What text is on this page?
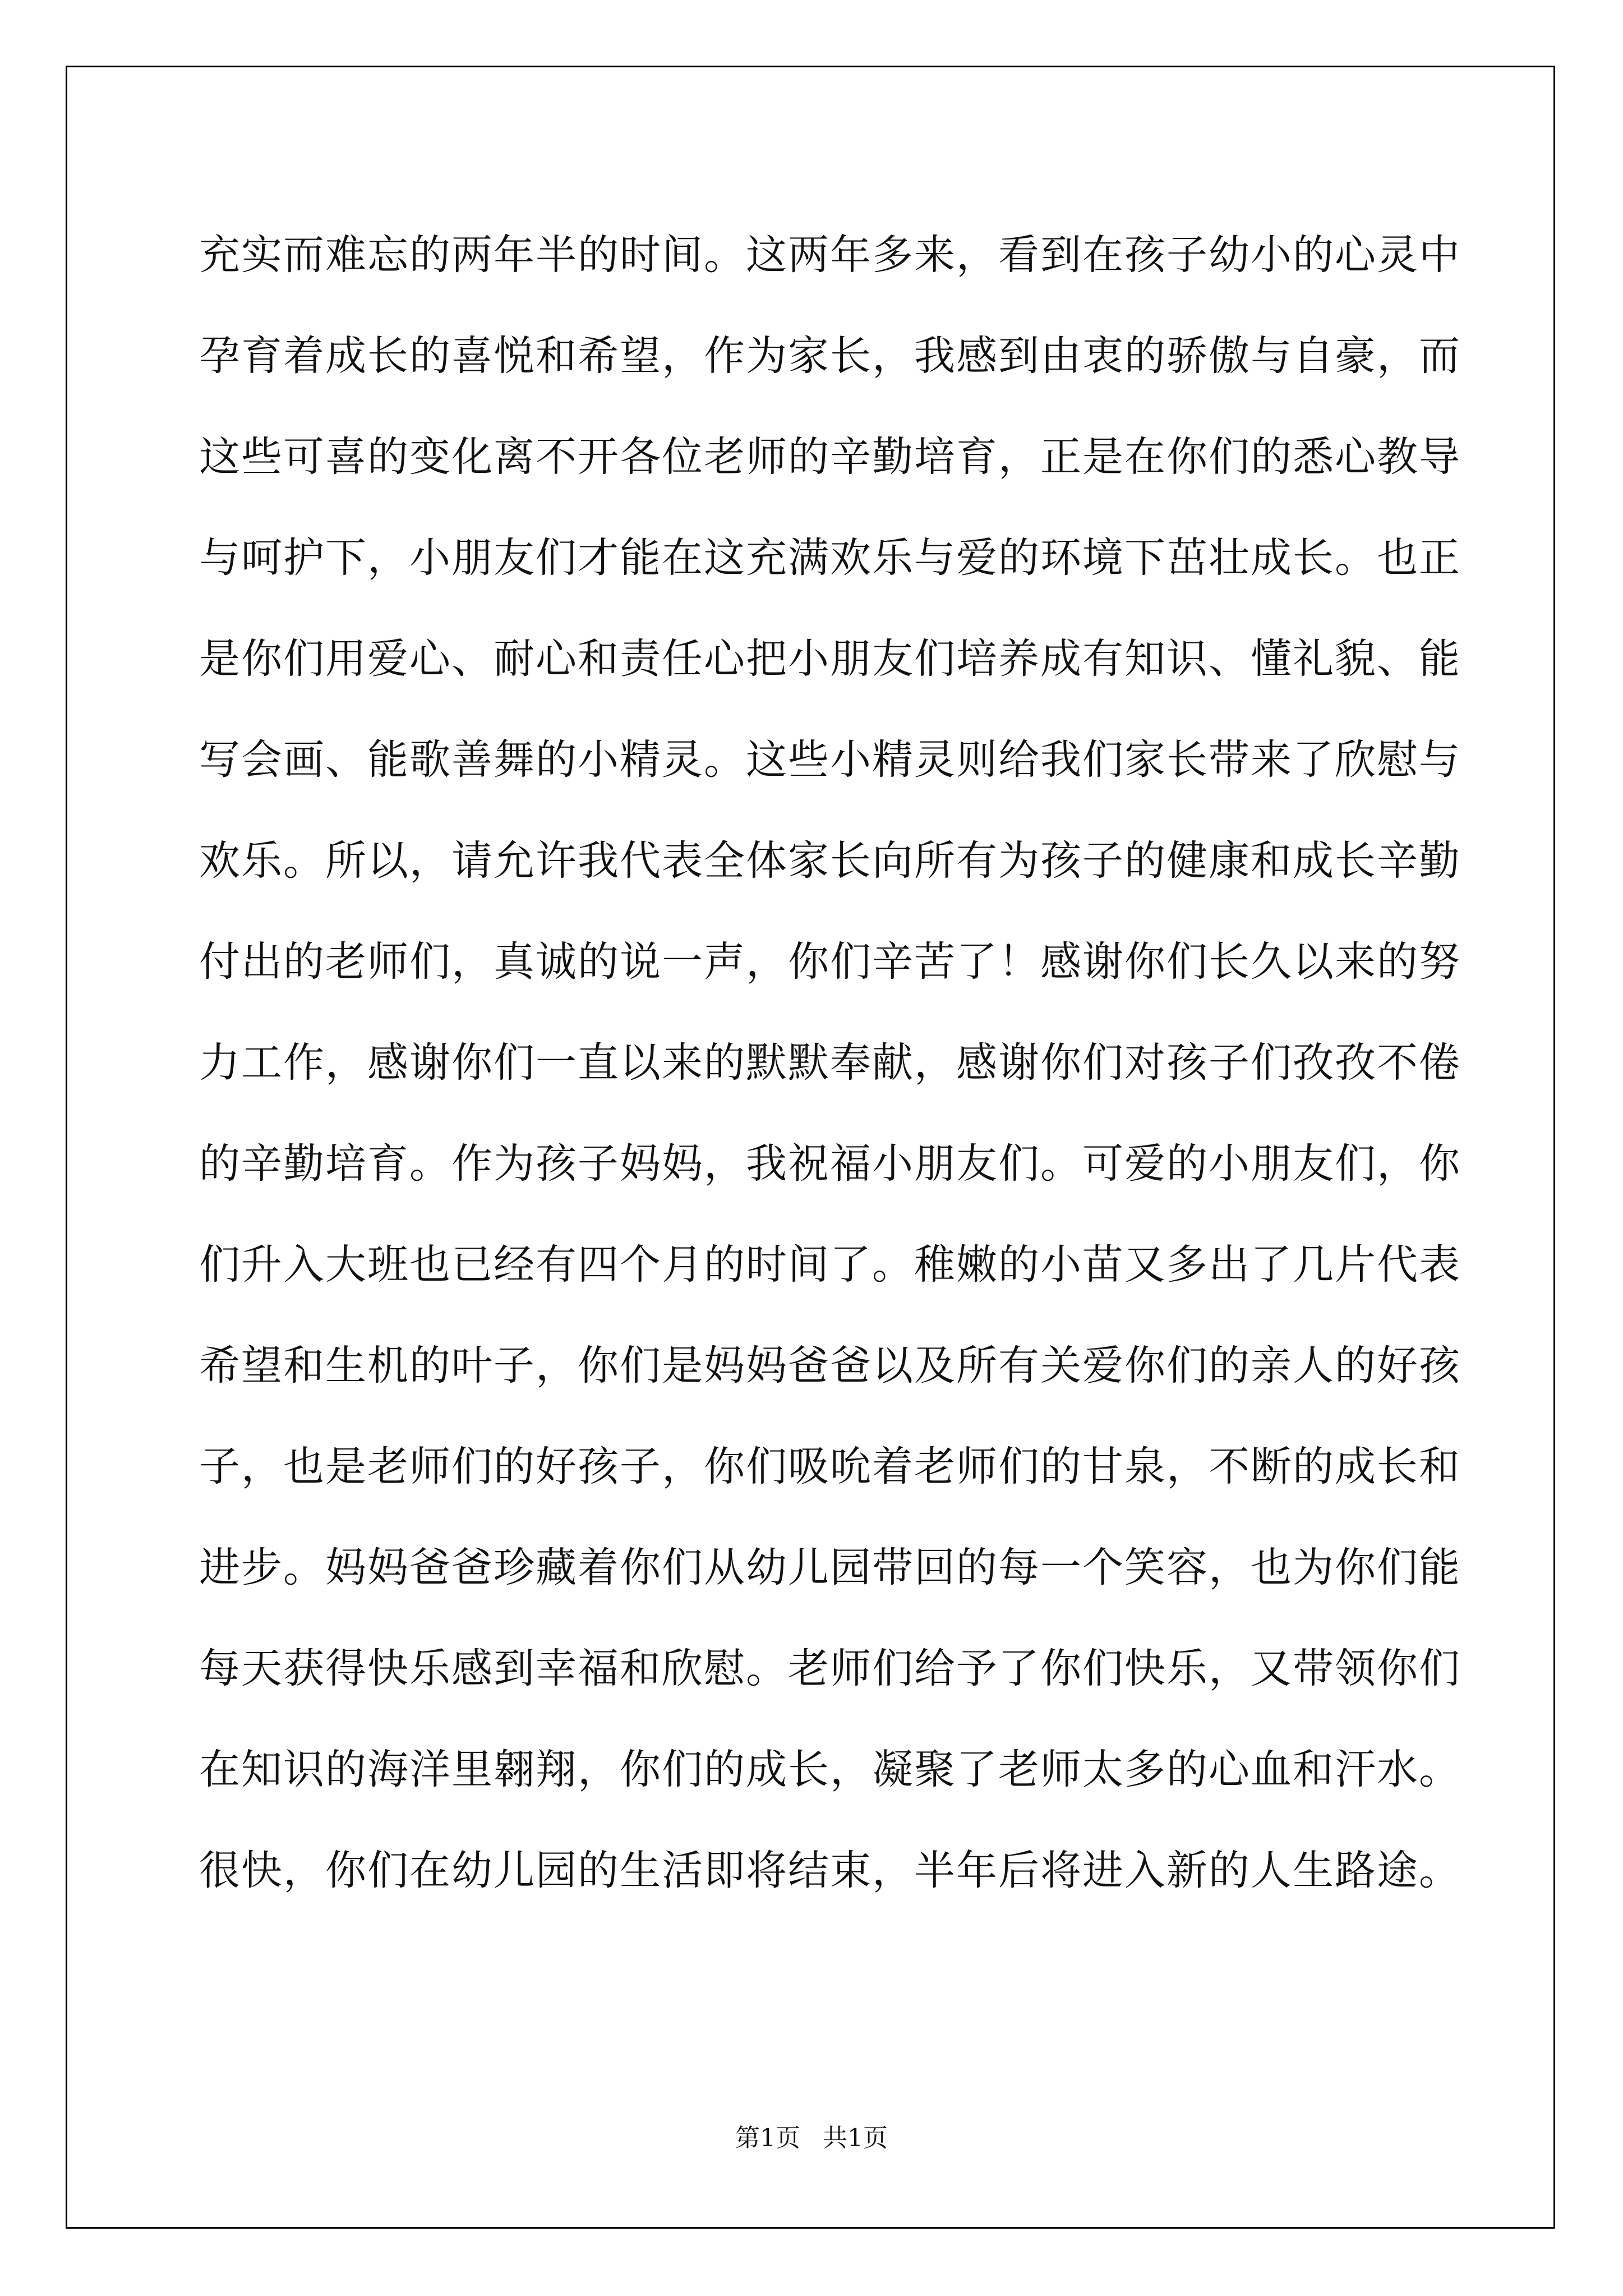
充实而难忘的两年半的时间。这两年多来，看到在孩子幼小的心灵中
孕育着成长的喜悦和希望，作为家长，我感到由衷的骄傲与自豪，而
这些可喜的变化离不开各位老师的辛勤培育，正是在你们的悉心教导
与呵护下，小朋友们才能在这充满欢乐与爱的环境下茁壮成长。也正
是你们用爱心、耐心和责任心把小朋友们培养成有知识、懂礼貌、能
写会画、能歌善舞的小精灵。这些小精灵则给我们家长带来了欣慰与
欢乐。所以，请允许我代表全体家长向所有为孩子的健康和成长辛勤
付出的老师们，真诚的说一声，你们辛苦了！感谢你们长久以来的努
力工作，感谢你们一直以来的默默奉献，感谢你们对孩子们孜孜不倦
的辛勤培育。作为孩子妈妈，我祝福小朋友们。可爱的小朋友们，你
们升入大班也已经有四个月的时间了。稚嫩的小苗又多出了几片代表
希望和生机的叶子，你们是妈妈爸爸以及所有关爱你们的亲人的好孩
子，也是老师们的好孩子，你们吸吮着老师们的甘泉，不断的成长和
进步。妈妈爸爸珍藏着你们从幼儿园带回的每一个笑容，也为你们能
每天获得快乐感到幸福和欣慰。老师们给予了你们快乐，又带领你们
在知识的海洋里翱翔，你们的成长，凝聚了老师太多的心血和汗水。
很快，你们在幼儿园的生活即将结束，半年后将进入新的人生路途。
第1页 共1页
